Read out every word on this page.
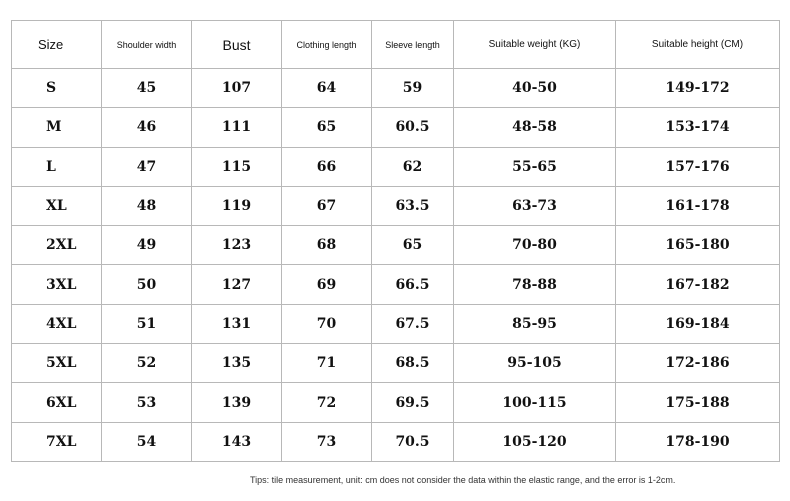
Size	Shoulder width	Bust	Clothing length	Sleeve length	Suitable weight (KG)	Suitable height (CM)
S	45	107	64	59	40-50	149-172
M	46	111	65	60.5	48-58	153-174
L	47	115	66	62	55-65	157-176
XL	48	119	67	63.5	63-73	161-178
2XL	49	123	68	65	70-80	165-180
3XL	50	127	69	66.5	78-88	167-182
4XL	51	131	70	67.5	85-95	169-184
5XL	52	135	71	68.5	95-105	172-186
6XL	53	139	72	69.5	100-115	175-188
7XL	54	143	73	70.5	105-120	178-190
Tips: tile measurement, unit: cm does not consider the data within the elastic range, and the error is 1-2cm.
